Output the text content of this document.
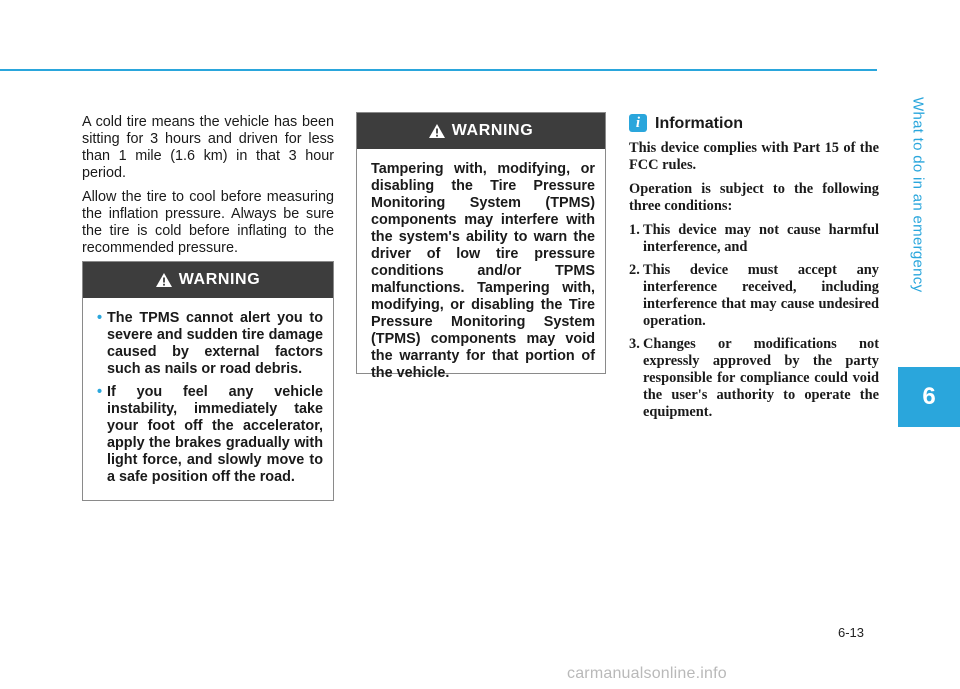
What to do in an emergency
6

A cold tire means the vehicle has been sitting for 3 hours and driven for less than 1 mile (1.6 km) in that 3 hour period.

Allow the tire to cool before measuring the inflation pressure. Always be sure the tire is cold before inflating to the recommended pressure.

WARNING
• The TPMS cannot alert you to severe and sudden tire damage caused by external factors such as nails or road debris.
• If you feel any vehicle instability, immediately take your foot off the accelerator, apply the brakes gradually with light force, and slowly move to a safe position off the road.
WARNING
Tampering with, modifying, or disabling the Tire Pressure Monitoring System (TPMS) components may interfere with the system's ability to warn the driver of low tire pressure conditions and/or TPMS malfunctions. Tampering with, modifying, or disabling the Tire Pressure Monitoring System (TPMS) components may void the warranty for that portion of the vehicle.
i Information

This device complies with Part 15 of the FCC rules.

Operation is subject to the following three conditions:

1. This device may not cause harmful interference, and
2. This device must accept any interference received, including interference that may cause undesired operation.
3. Changes or modifications not expressly approved by the party responsible for compliance could void the user's authority to operate the equipment.
6-13
carmanualsonline.info
